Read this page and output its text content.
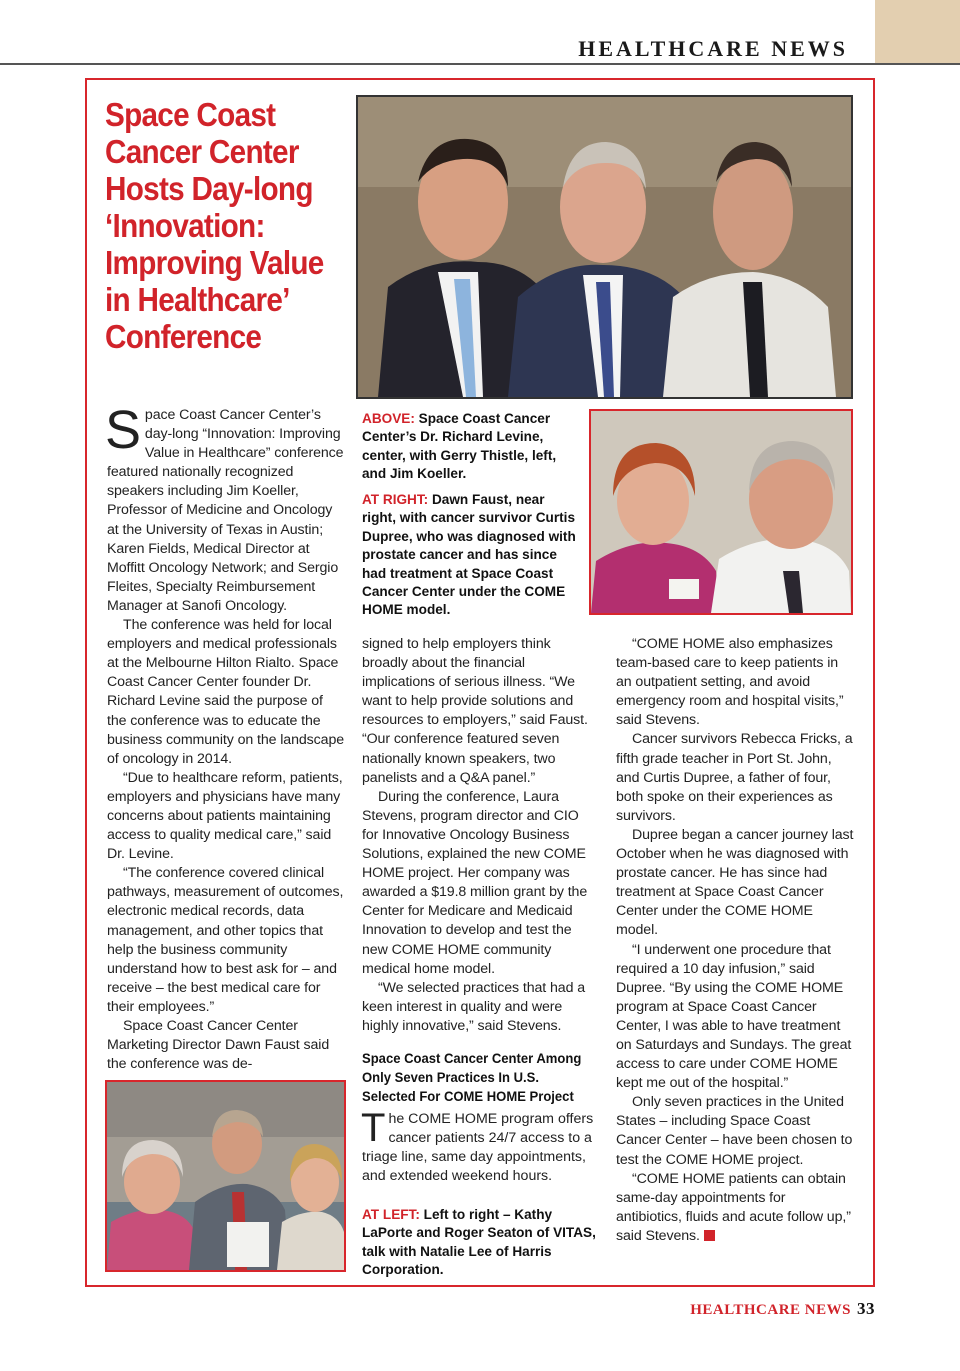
HEALTHCARE NEWS
Space Coast Cancer Center Hosts Day-long ‘Innovation: Improving Value in Healthcare’ Conference
ABOVE: Space Coast Cancer Center’s Dr. Richard Levine, center, with Gerry Thistle, left, and Jim Koeller.
AT RIGHT: Dawn Faust, near right, with cancer survivor Curtis Dupree, who was diagnosed with prostate cancer and has since had treatment at Space Coast Cancer Center under the COME HOME model.

Space Coast Cancer Center’s day-long “Innovation: Improving Value in Healthcare” conference featured nationally recognized speakers including Jim Koeller, Professor of Medicine and Oncology at the University of Texas in Austin; Karen Fields, Medical Director at Moffitt Oncology Network; and Sergio Fleites, Specialty Reimbursement Manager at Sanofi Oncology.

The conference was held for local employers and medical professionals at the Melbourne Hilton Rialto. Space Coast Cancer Center founder Dr. Richard Levine said the purpose of the conference was to educate the business community on the landscape of oncology in 2014.

“Due to healthcare reform, patients, employers and physicians have many concerns about patients maintaining access to quality medical care,” said Dr. Levine.

“The conference covered clinical pathways, measurement of outcomes, electronic medical records, data management, and other topics that help the business community understand how to best ask for – and receive – the best medical care for their employees.”

Space Coast Cancer Center Marketing Director Dawn Faust said the conference was de-

signed to help employers think broadly about the financial implications of serious illness. “We want to help provide solutions and resources to employers,” said Faust. “Our conference featured seven nationally known speakers, two panelists and a Q&A panel.”

During the conference, Laura Stevens, program director and CIO for Innovative Oncology Business Solutions, explained the new COME HOME project. Her company was awarded a $19.8 million grant by the Center for Medicare and Medicaid Innovation to develop and test the new COME HOME community medical home model.

“We selected practices that had a keen interest in quality and were highly innovative,” said Stevens.

Space Coast Cancer Center Among Only Seven Practices In U.S. Selected For COME HOME Project
The COME HOME program offers cancer patients 24/7 access to a triage line, same day appointments, and extended weekend hours.
AT LEFT: Left to right – Kathy LaPorte and Roger Seaton of VITAS, talk with Natalie Lee of Harris Corporation.

“COME HOME also emphasizes team-based care to keep patients in an outpatient setting, and avoid emergency room and hospital visits,” said Stevens.

Cancer survivors Rebecca Fricks, a fifth grade teacher in Port St. John, and Curtis Dupree, a father of four, both spoke on their experiences as survivors.

Dupree began a cancer journey last October when he was diagnosed with prostate cancer. He has since had treatment at Space Coast Cancer Center under the COME HOME model.

“I underwent one procedure that required a 10 day infusion,” said Dupree. “By using the COME HOME program at Space Coast Cancer Center, I was able to have treatment on Saturdays and Sundays. The great access to care under COME HOME kept me out of the hospital.”

Only seven practices in the United States – including Space Coast Cancer Center – have been chosen to test the COME HOME project.

“COME HOME patients can obtain same-day appointments for antibiotics, fluids and acute follow up,” said Stevens.

HEALTHCARE NEWS 33
